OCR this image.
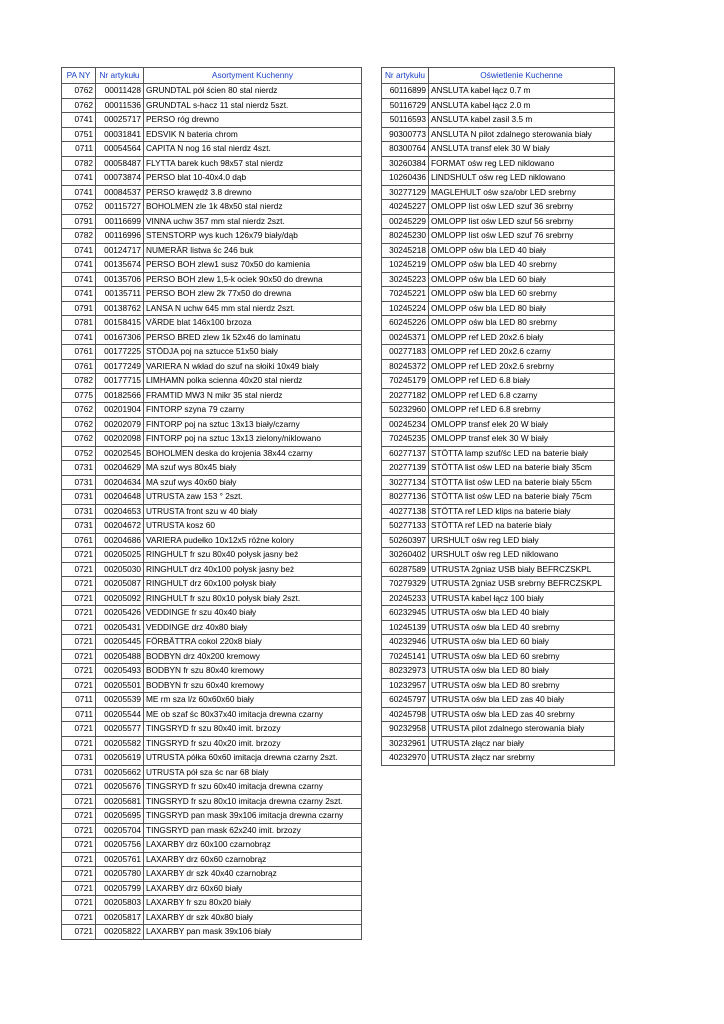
PA NY	Nr artykułu	Asortyment Kuchenny
0762	00011428	GRUNDTAL pół ścien 80 stal nierdz
0762	00011536	GRUNDTAL s-hacz 11 stal nierdz 5szt.
0741	00025717	PERSO róg drewno
0751	00031841	EDSVIK N bateria chrom
0711	00054564	CAPITA N nog 16 stal nierdz 4szt.
0782	00058487	FLYTTA barek kuch 98x57 stal nierdz
0741	00073874	PERSO blat 10-40x4.0 dąb
0741	00084537	PERSO krawędź 3.8 drewno
0752	00115727	BOHOLMEN zle 1k 48x50 stal nierdz
0791	00116699	VINNA uchw 357 mm stal nierdz 2szt.
0782	00116996	STENSTORP wys kuch 126x79 biały/dąb
0741	00124717	NUMERÄR listwa śc 246 buk
0741	00135674	PERSO BOH zlew1 susz 70x50 do kamienia
0741	00135706	PERSO BOH zlew 1,5-k ociek 90x50 do drewna
0741	00135711	PERSO BOH zlew 2k 77x50 do drewna
0791	00138762	LANSA N uchw 645 mm stal nierdz 2szt.
0781	00158415	VÄRDE blat 146x100 brzoza
0741	00167306	PERSO BRED zlew 1k 52x46 do laminatu
0761	00177225	STÖDJA poj na sztucce 51x50 biały
0761	00177249	VARIERA N wkład do szuf na słoiki 10x49 biały
0782	00177715	LIMHAMN polka scienna 40x20 stal nierdz
0775	00182566	FRAMTID MW3 N mikr 35 stal nierdz
0762	00201904	FINTORP szyna 79 czarny
0762	00202079	FINTORP poj na sztuc 13x13 biały/czarny
0762	00202098	FINTORP poj na sztuc 13x13 zielony/niklowano
0752	00202545	BOHOLMEN deska do krojenia 38x44 czarny
0731	00204629	MA szuf wys 80x45 biały
0731	00204634	MA szuf wys 40x60 biały
0731	00204648	UTRUSTA zaw 153 ° 2szt.
0731	00204653	UTRUSTA front szu w 40 biały
0731	00204672	UTRUSTA kosz 60
0761	00204686	VARIERA pudełko 10x12x5 różne kolory
0721	00205025	RINGHULT fr szu 80x40 połysk jasny beż
0721	00205030	RINGHULT drz 40x100 połysk jasny beż
0721	00205087	RINGHULT drz 60x100 połysk biały
0721	00205092	RINGHULT fr szu 80x10 połysk biały 2szt.
0721	00205426	VEDDINGE fr szu 40x40 biały
0721	00205431	VEDDINGE drz 40x80 biały
0721	00205445	FÖRBÄTTRA cokol 220x8 biały
0721	00205488	BODBYN drz 40x200 kremowy
0721	00205493	BODBYN fr szu 80x40 kremowy
0721	00205501	BODBYN fr szu 60x40 kremowy
0711	00205539	ME rm sza l/z 60x60x60 biały
0711	00205544	ME ob szaf śc 80x37x40 imitacja drewna czarny
0721	00205577	TINGSRYD fr szu 80x40 imit. brzozy
0721	00205582	TINGSRYD fr szu 40x20 imit. brzozy
0731	00205619	UTRUSTA półka 60x60 imitacja drewna czarny 2szt.
0731	00205662	UTRUSTA pół sza śc nar 68 biały
0721	00205676	TINGSRYD fr szu 60x40 imitacja drewna czarny
0721	00205681	TINGSRYD fr szu 80x10 imitacja drewna czarny 2szt.
0721	00205695	TINGSRYD pan mask 39x106 imitacja drewna czarny
0721	00205704	TINGSRYD pan mask 62x240 imit. brzozy
0721	00205756	LAXARBY drz 60x100 czarnobrąz
0721	00205761	LAXARBY drz 60x60 czarnobrąz
0721	00205780	LAXARBY dr szk 40x40 czarnobrąz
0721	00205799	LAXARBY drz 60x60 biały
0721	00205803	LAXARBY fr szu 80x20 biały
0721	00205817	LAXARBY dr szk 40x80 biały
0721	00205822	LAXARBY pan mask 39x106 biały
Nr artykułu	Oświetlenie Kuchenne
60116899	ANSLUTA kabel łącz 0.7 m
50116729	ANSLUTA kabel łącz 2.0 m
50116593	ANSLUTA kabel zasil 3.5 m
90300773	ANSLUTA N pilot zdalnego sterowania biały
80300764	ANSLUTA transf elek 30 W biały
30260384	FORMAT ośw reg LED niklowano
10260436	LINDSHULT ośw reg LED niklowano
30277129	MAGLEHULT ośw sza/obr LED srebrny
40245227	OMLOPP list ośw LED szuf 36 srebrny
00245229	OMLOPP list ośw LED szuf 56 srebrny
80245230	OMLOPP list ośw LED szuf 76 srebrny
30245218	OMLOPP ośw bla LED 40 biały
10245219	OMLOPP ośw bla LED 40 srebrny
30245223	OMLOPP ośw bla LED 60 biały
70245221	OMLOPP ośw bla LED 60 srebrny
10245224	OMLOPP ośw bla LED 80 biały
60245226	OMLOPP ośw bla LED 80 srebrny
00245371	OMLOPP ref LED 20x2.6 biały
00277183	OMLOPP ref LED 20x2.6 czarny
80245372	OMLOPP ref LED 20x2.6 srebrny
70245179	OMLOPP ref LED 6.8 biały
20277182	OMLOPP ref LED 6.8 czarny
50232960	OMLOPP ref LED 6.8 srebrny
00245234	OMLOPP transf elek 20 W biały
70245235	OMLOPP transf elek 30 W biały
60277137	STÖTTA lamp szuf/śc LED na baterie biały
20277139	STÖTTA list ośw LED na baterie biały 35cm
30277134	STÖTTA list ośw LED na baterie biały 55cm
80277136	STÖTTA list ośw LED na baterie biały 75cm
40277138	STÖTTA ref LED klips na baterie biały
50277133	STÖTTA ref LED na baterie biały
50260397	URSHULT ośw reg LED biały
30260402	URSHULT ośw reg LED niklowano
60287589	UTRUSTA 2gniaz USB biały BEFRCZSKPL
70279329	UTRUSTA 2gniaz USB srebrny BEFRCZSKPL
20245233	UTRUSTA kabel łącz 100 biały
60232945	UTRUSTA ośw bla LED 40 biały
10245139	UTRUSTA ośw bla LED 40 srebrny
40232946	UTRUSTA ośw bla LED 60 biały
70245141	UTRUSTA ośw bla LED 60 srebrny
80232973	UTRUSTA ośw bla LED 80 biały
10232957	UTRUSTA ośw bla LED 80 srebrny
60245797	UTRUSTA ośw bla LED zas 40 biały
40245798	UTRUSTA ośw bla LED zas 40 srebrny
90232958	UTRUSTA pilot zdalnego sterowania biały
30232961	UTRUSTA złącz nar biały
40232970	UTRUSTA złącz nar srebrny
